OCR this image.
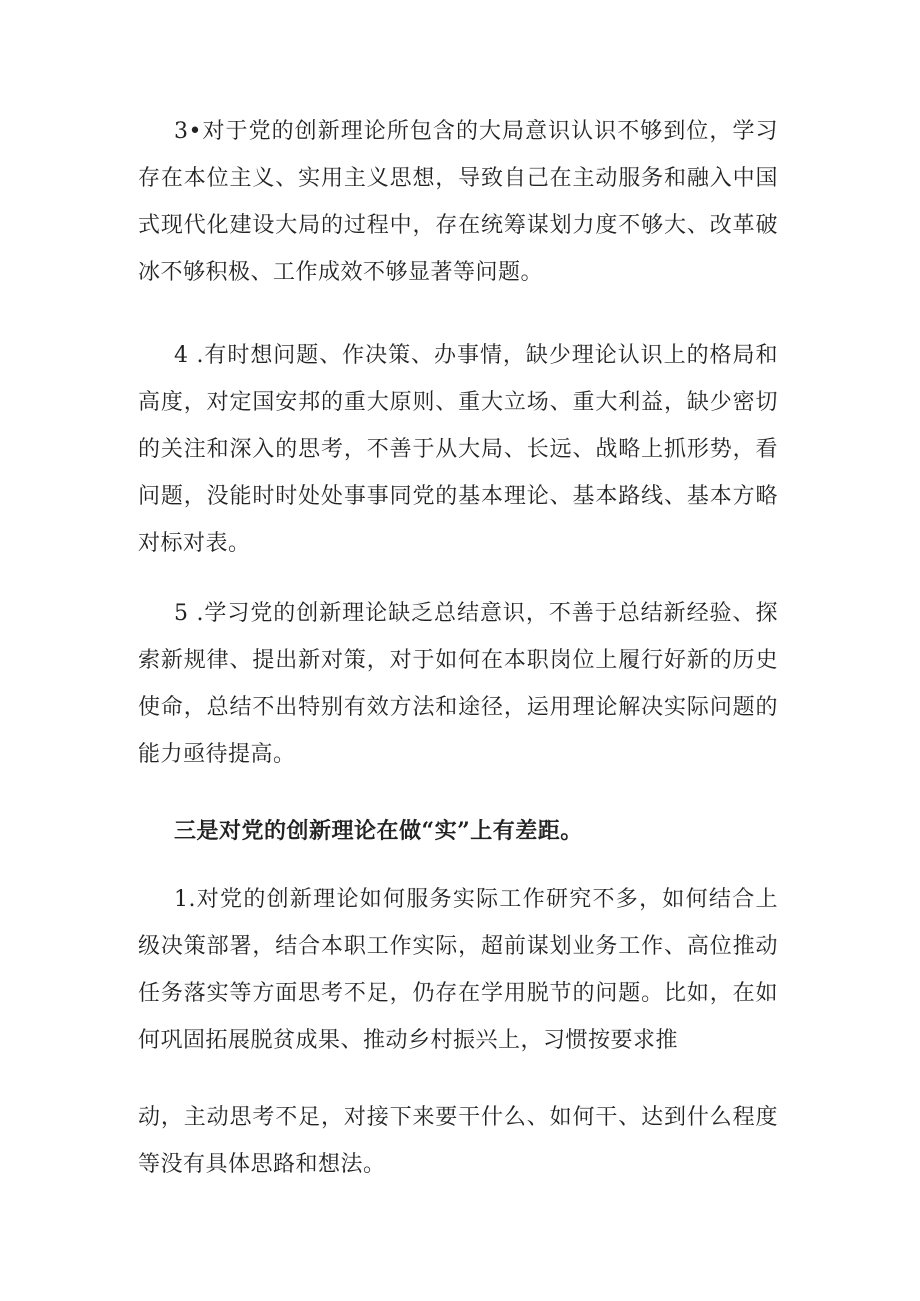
3•对于党的创新理论所包含的大局意识认识不够到位，学习存在本位主义、实用主义思想，导致自己在主动服务和融入中国式现代化建设大局的过程中，存在统筹谋划力度不够大、改革破冰不够积极、工作成效不够显著等问题。

4 .有时想问题、作决策、办事情，缺少理论认识上的格局和高度，对定国安邦的重大原则、重大立场、重大利益，缺少密切的关注和深入的思考，不善于从大局、长远、战略上抓形势，看问题，没能时时处处事事同党的基本理论、基本路线、基本方略对标对表。

5 .学习党的创新理论缺乏总结意识，不善于总结新经验、探索新规律、提出新对策，对于如何在本职岗位上履行好新的历史使命，总结不出特别有效方法和途径，运用理论解决实际问题的能力亟待提高。

三是对党的创新理论在做“实”上有差距。

1.对党的创新理论如何服务实际工作研究不多，如何结合上级决策部署，结合本职工作实际，超前谋划业务工作、高位推动任务落实等方面思考不足，仍存在学用脱节的问题。比如，在如何巩固拓展脱贫成果、推动乡村振兴上，习惯按要求推

动，主动思考不足，对接下来要干什么、如何干、达到什么程度等没有具体思路和想法。
